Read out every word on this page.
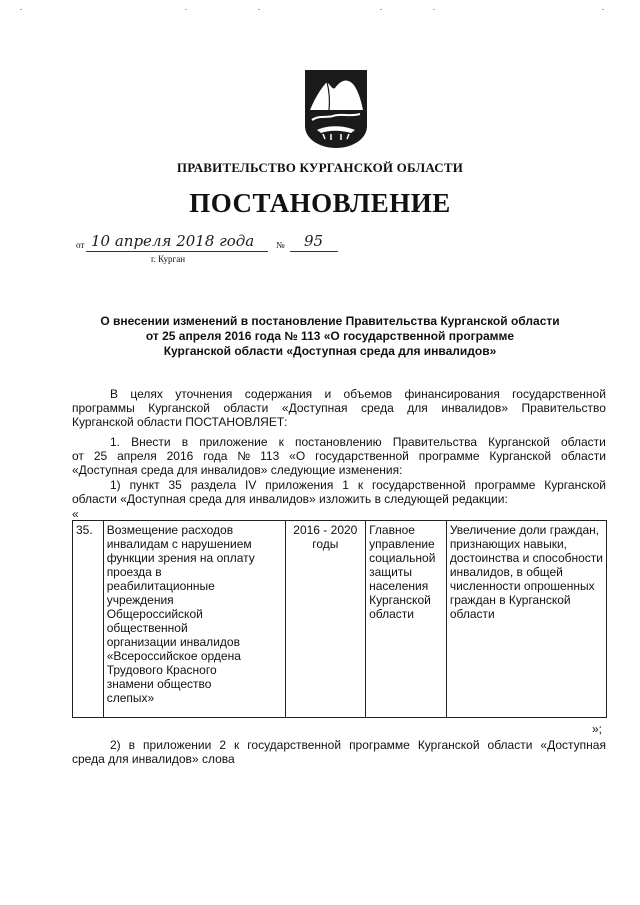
ПРАВИТЕЛЬСТВО КУРГАНСКОЙ ОБЛАСТИ
ПОСТАНОВЛЕНИЕ
от 10 апреля 2018 года № 95
г. Курган
О внесении изменений в постановление Правительства Курганской области
от 25 апреля 2016 года № 113 «О государственной программе
Курганской области «Доступная среда для инвалидов»
В целях уточнения содержания и объемов финансирования государственной
программы Курганской области «Доступная среда для инвалидов» Правительство
Курганской области ПОСТАНОВЛЯЕТ:
1. Внести в приложение к постановлению Правительства Курганской области
от 25 апреля 2016 года № 113 «О государственной программе Курганской области
«Доступная среда для инвалидов» следующие изменения:
1) пункт 35 раздела IV приложения 1 к государственной программе Курганской
области «Доступная среда для инвалидов» изложить в следующей редакции:
«
35.	Возмещение расходов
инвалидам с нарушением
функции зрения на оплату
проезда в
реабилитационные
учреждения
Общероссийской
общественной
организации инвалидов
«Всероссийское ордена
Трудового Красного
знамени общество
слепых»

2016 - 2020
годы

Главное
управление
социальной
защиты
населения
Курганской
области

Увеличение доли граждан,
признающих навыки,
достоинства и способности
инвалидов, в общей
численности опрошенных
граждан в Курганской
области
»;
2) в приложении 2 к государственной программе Курганской области «Доступная
среда для инвалидов» слова
